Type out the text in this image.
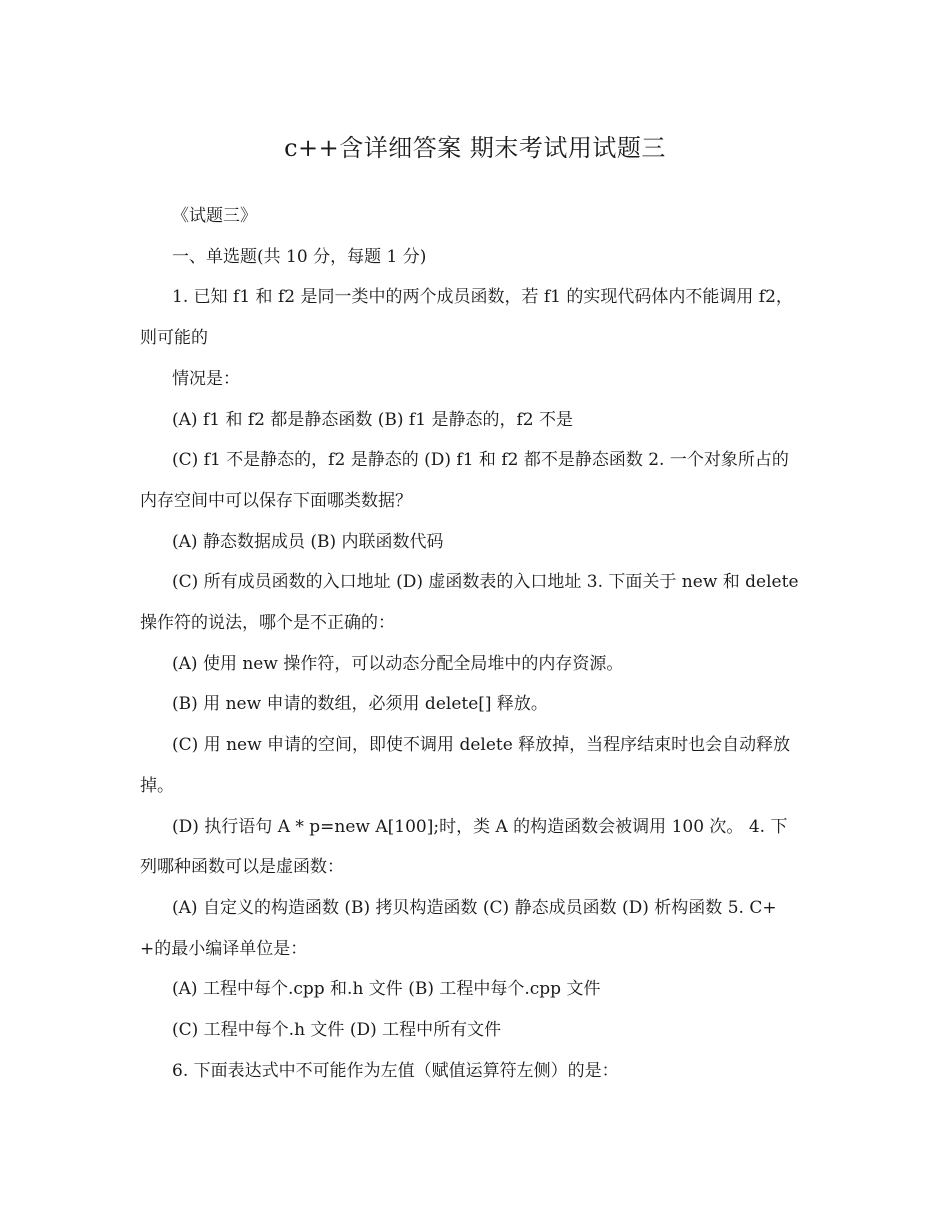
c++含详细答案 期末考试用试题三

《试题三》

一、单选题(共 10 分，每题 1 分)

1. 已知 f1 和 f2 是同一类中的两个成员函数，若 f1 的实现代码体内不能调用 f2，则可能的

情况是：

(A) f1 和 f2 都是静态函数 (B) f1 是静态的，f2 不是

(C) f1 不是静态的，f2 是静态的 (D) f1 和 f2 都不是静态函数 2. 一个对象所占的内存空间中可以保存下面哪类数据？

(A) 静态数据成员 (B) 内联函数代码

(C) 所有成员函数的入口地址 (D) 虚函数表的入口地址 3. 下面关于 new 和 delete 操作符的说法，哪个是不正确的：

(A) 使用 new 操作符，可以动态分配全局堆中的内存资源。

(B) 用 new 申请的数组，必须用 delete[] 释放。

(C) 用 new 申请的空间，即使不调用 delete 释放掉，当程序结束时也会自动释放掉。

(D) 执行语句 A * p=new A[100];时，类 A 的构造函数会被调用 100 次。 4. 下列哪种函数可以是虚函数：

(A) 自定义的构造函数 (B) 拷贝构造函数 (C) 静态成员函数 (D) 析构函数 5. C++的最小编译单位是：

(A) 工程中每个.cpp 和.h 文件 (B) 工程中每个.cpp 文件

(C) 工程中每个.h 文件 (D) 工程中所有文件

6. 下面表达式中不可能作为左值（赋值运算符左侧）的是：
